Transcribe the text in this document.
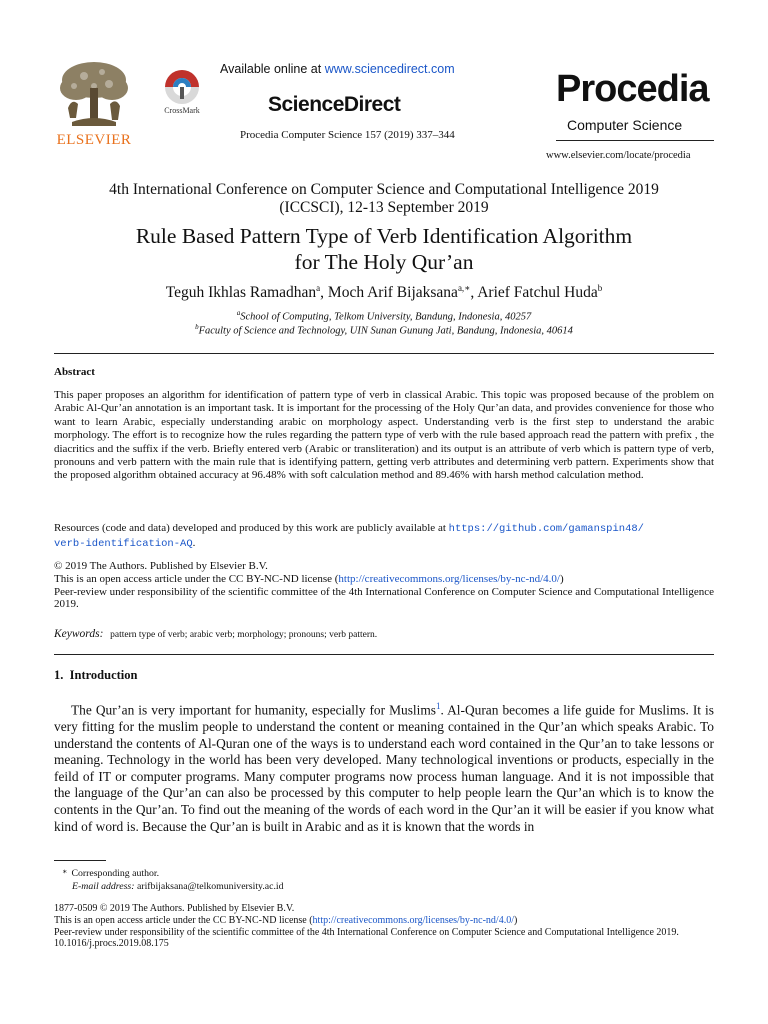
ELSEVIER
CrossMark
Available online at www.sciencedirect.com
ScienceDirect
Procedia Computer Science 157 (2019) 337–344
Procedia
Computer Science
www.elsevier.com/locate/procedia
4th International Conference on Computer Science and Computational Intelligence 2019
(ICCSCI), 12-13 September 2019
Rule Based Pattern Type of Verb Identification Algorithm
for The Holy Qur’an
Teguh Ikhlas Ramadhan$^a$, Moch Arif Bijaksana$^{a,∗}$, Arief Fatchul Huda$^b$
$^a$School of Computing, Telkom University, Bandung, Indonesia, 40257
$^b$Faculty of Science and Technology, UIN Sunan Gunung Jati, Bandung, Indonesia, 40614
Abstract
This paper proposes an algorithm for identification of pattern type of verb in classical Arabic. This topic was proposed because of the problem on Arabic Al-Qur’an annotation is an important task. It is important for the processing of the Holy Qur’an data, and provides convenience for those who want to learn Arabic, especially understanding arabic on morphology aspect. Understanding verb is the first step to understand the arabic morphology. The effort is to recognize how the rules regarding the pattern type of verb with the rule based approach read the pattern with prefix , the diacritics and the suffix if the verb. Briefly entered verb (Arabic or transliteration) and its output is an attribute of verb which is pattern type of verb, pronouns and verb pattern with the main rule that is identifying pattern, getting verb attributes and determining verb pattern. Experiments show that the proposed algorithm obtained accuracy at 96.48% with soft calculation method and 89.46% with harsh method calculation method.
Resources (code and data) developed and produced by this work are publicly available at https://github.com/gamanspin48/
verb-identification-AQ.
© 2019 The Authors. Published by Elsevier B.V.
This is an open access article under the CC BY-NC-ND license (http://creativecommons.org/licenses/by-nc-nd/4.0/)
Peer-review under responsibility of the scientific committee of the 4th International Conference on Computer Science and Computational Intelligence 2019.
Keywords: pattern type of verb; arabic verb; morphology; pronouns; verb pattern.
1.  Introduction
The Qur’an is very important for humanity, especially for Muslims$^1$. Al-Quran becomes a life guide for Muslims. It is very fitting for the muslim people to understand the content or meaning contained in the Qur’an which speaks Arabic. To understand the contents of Al-Quran one of the ways is to understand each word contained in the Qur’an to take lessons or meaning. Technology in the world has been very developed. Many technological inventions or products, especially in the feild of IT or computer programs. Many computer programs now process human language. And it is not impossible that the language of the Qur’an can also be processed by this computer to help people learn the Qur’an which is to know the contents in the Qur’an. To find out the meaning of the words of each word in the Qur’an it will be easier if you know what kind of word is. Because the Qur’an is built in Arabic and as it is known that the words in
∗ Corresponding author.
E-mail address: arifbijaksana@telkomuniversity.ac.id
1877-0509 © 2019 The Authors. Published by Elsevier B.V.
This is an open access article under the CC BY-NC-ND license (http://creativecommons.org/licenses/by-nc-nd/4.0/)
Peer-review under responsibility of the scientific committee of the 4th International Conference on Computer Science and Computational Intelligence 2019.
10.1016/j.procs.2019.08.175
